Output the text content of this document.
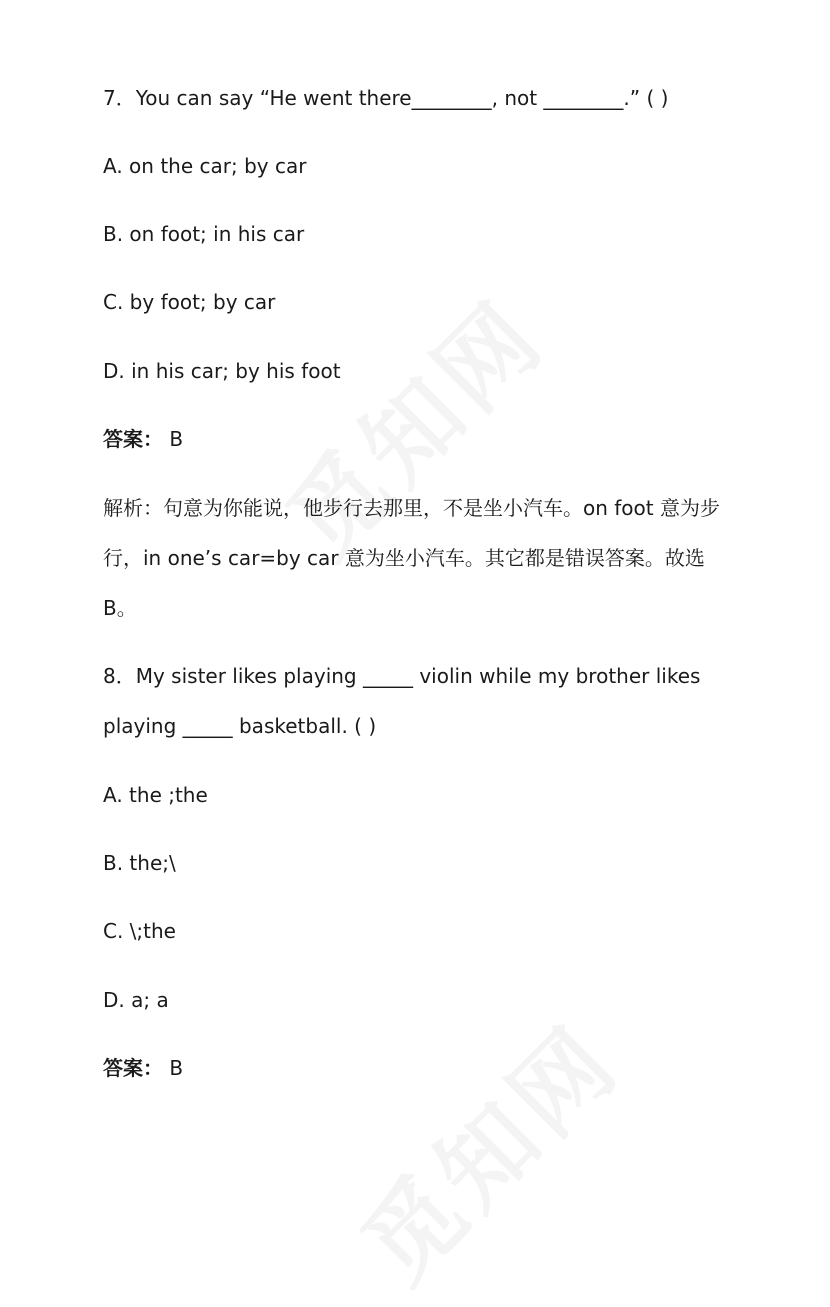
7．You can say “He went there________, not ________.” ( )
A. on the car; by car
B. on foot; in his car
C. by foot; by car
D. in his car; by his foot
答案： B
解析：句意为你能说，他步行去那里，不是坐小汽车。on foot 意为步
行，in one’s car=by car 意为坐小汽车。其它都是错误答案。故选
B。
8．My sister likes playing _____ violin while my brother likes
playing _____ basketball. ( )
A. the ;the
B. the;\
C. \;the
D. a; a
答案： B
